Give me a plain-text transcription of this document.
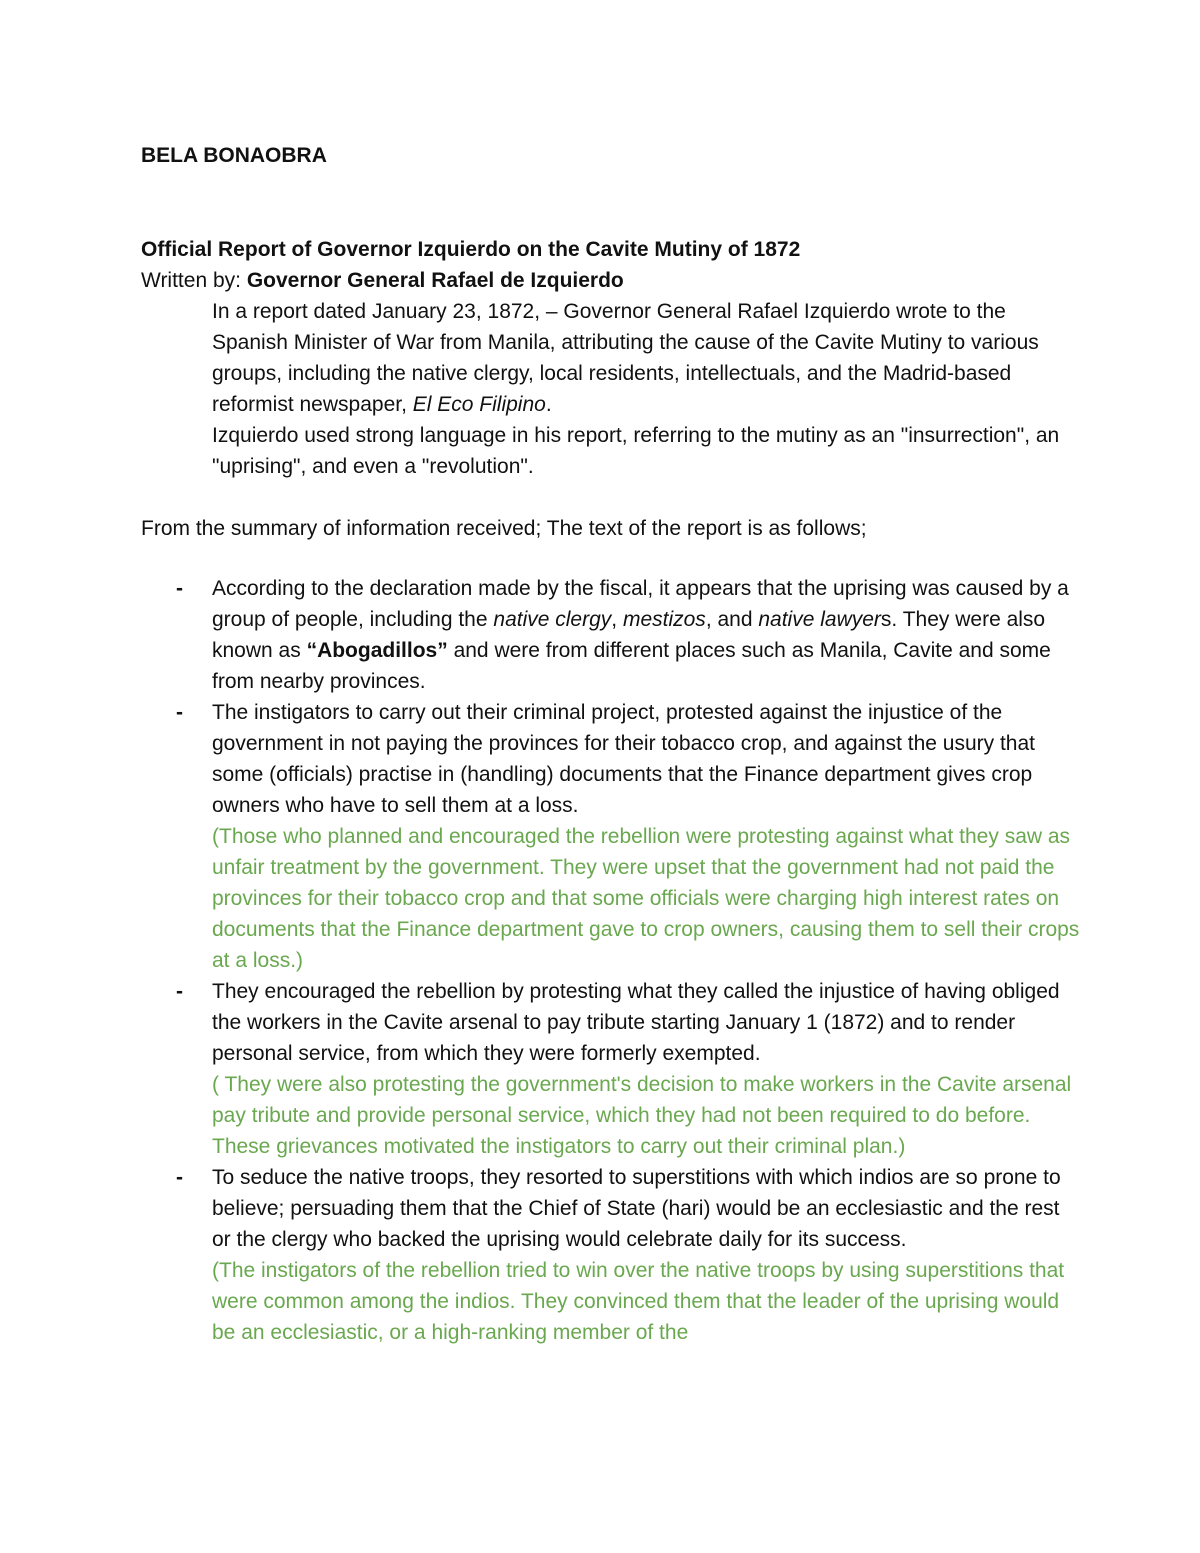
BELA BONAOBRA

Official Report of Governor Izquierdo on the Cavite Mutiny of 1872

Written by: Governor General Rafael de Izquierdo

In a report dated January 23, 1872, – Governor General Rafael Izquierdo wrote to the Spanish Minister of War from Manila, attributing the cause of the Cavite Mutiny to various groups, including the native clergy, local residents, intellectuals, and the Madrid-based reformist newspaper, El Eco Filipino.

Izquierdo used strong language in his report, referring to the mutiny as an "insurrection", an "uprising", and even a "revolution".

From the summary of information received; The text of the report is as follows;

- According to the declaration made by the fiscal, it appears that the uprising was caused by a group of people, including the native clergy, mestizos, and native lawyers. They were also known as “Abogadillos” and were from different places such as Manila, Cavite and some from nearby provinces.

- The instigators to carry out their criminal project, protested against the injustice of the government in not paying the provinces for their tobacco crop, and against the usury that some (officials) practise in (handling) documents that the Finance department gives crop owners who have to sell them at a loss.

(Those who planned and encouraged the rebellion were protesting against what they saw as unfair treatment by the government. They were upset that the government had not paid the provinces for their tobacco crop and that some officials were charging high interest rates on documents that the Finance department gave to crop owners, causing them to sell their crops at a loss.)

- They encouraged the rebellion by protesting what they called the injustice of having obliged the workers in the Cavite arsenal to pay tribute starting January 1 (1872) and to render personal service, from which they were formerly exempted.

( They were also protesting the government's decision to make workers in the Cavite arsenal pay tribute and provide personal service, which they had not been required to do before. These grievances motivated the instigators to carry out their criminal plan.)

- To seduce the native troops, they resorted to superstitions with which indios are so prone to believe; persuading them that the Chief of State (hari) would be an ecclesiastic and the rest or the clergy who backed the uprising would celebrate daily for its success.

(The instigators of the rebellion tried to win over the native troops by using superstitions that were common among the indios. They convinced them that the leader of the uprising would be an ecclesiastic, or a high-ranking member of the
